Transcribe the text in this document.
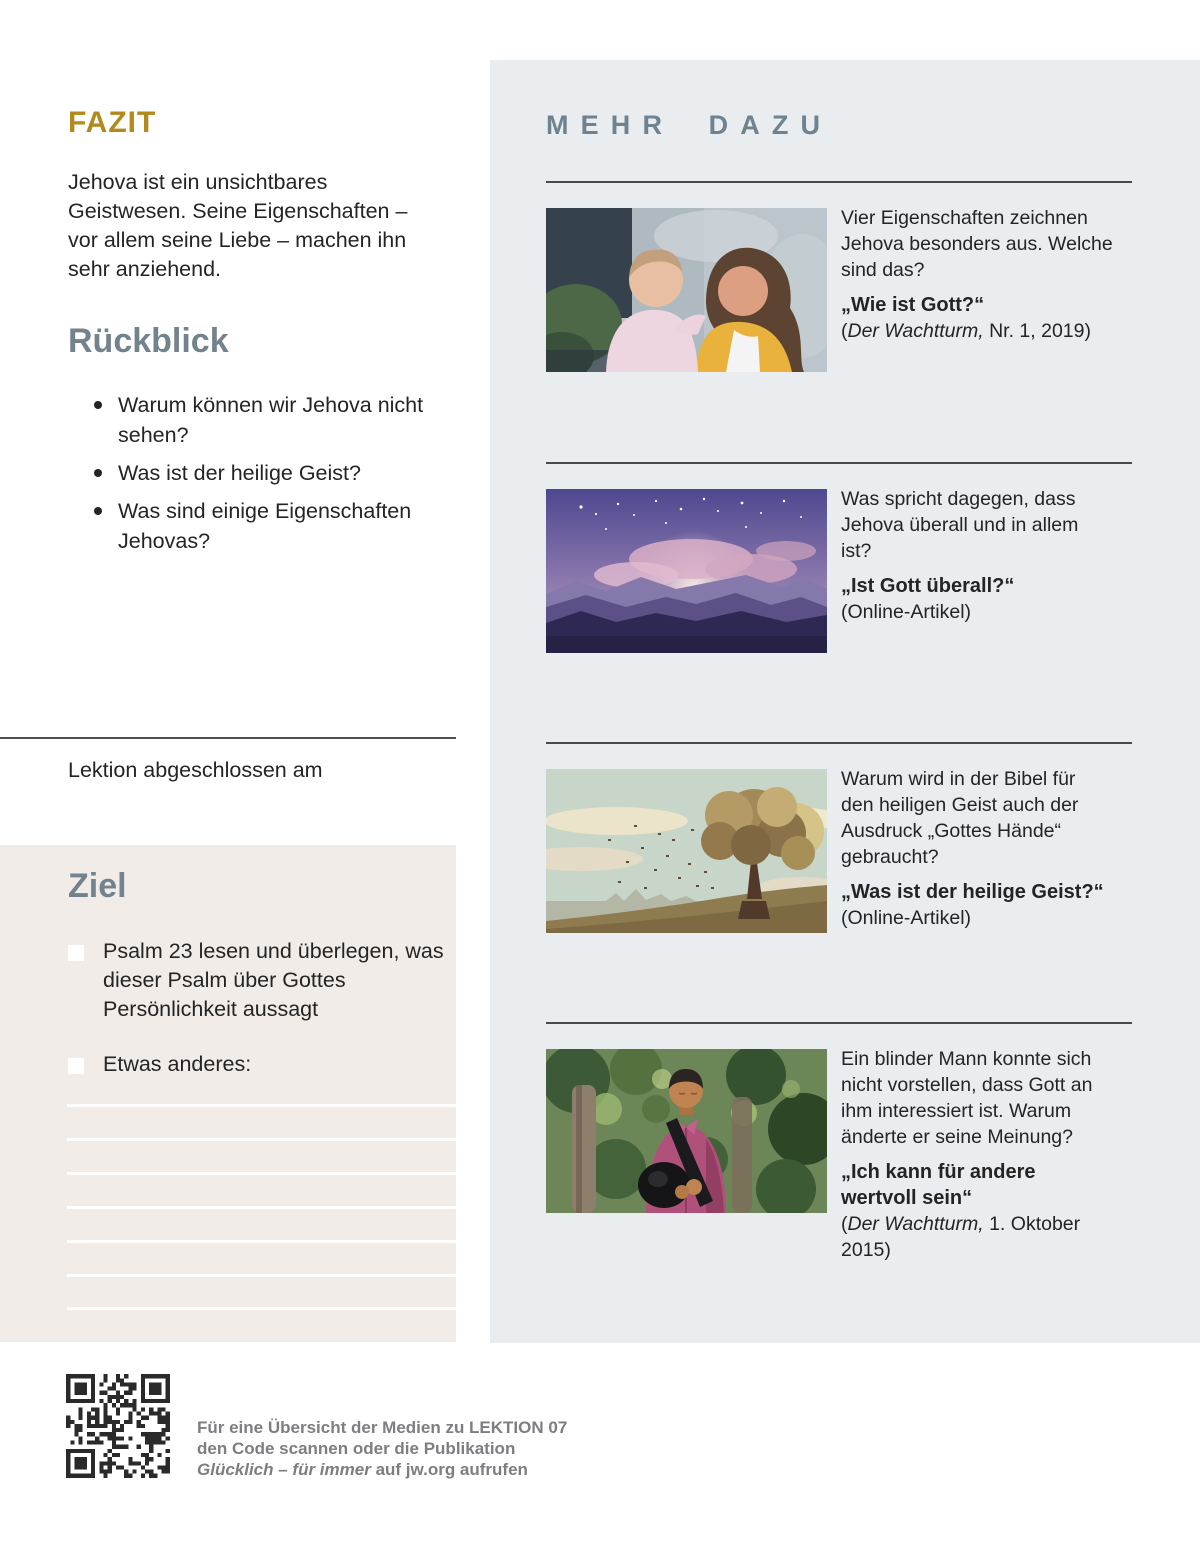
FAZIT
Jehova ist ein unsichtbares Geistwesen. Seine Eigenschaften – vor allem seine Liebe – machen ihn sehr anziehend.
Rückblick
Warum können wir Jehova nicht sehen?
Was ist der heilige Geist?
Was sind einige Eigenschaften Jehovas?
Lektion abgeschlossen am
Ziel
Psalm 23 lesen und überlegen, was dieser Psalm über Gottes Persönlichkeit aussagt
Etwas anderes:
MEHR DAZU
Vier Eigenschaften zeichnen Jehova besonders aus. Welche sind das?
„Wie ist Gott?“
(Der Wachtturm, Nr. 1, 2019)
Was spricht dagegen, dass Jehova überall und in allem ist?
„Ist Gott überall?“
(Online-Artikel)
Warum wird in der Bibel für den heiligen Geist auch der Ausdruck „Gottes Hände“ gebraucht?
„Was ist der heilige Geist?“
(Online-Artikel)
Ein blinder Mann konnte sich nicht vorstellen, dass Gott an ihm interessiert ist. Warum änderte er seine Meinung?
„Ich kann für andere wertvoll sein“
(Der Wachtturm, 1. Oktober 2015)
Für eine Übersicht der Medien zu LEKTION 07
den Code scannen oder die Publikation
Glücklich – für immer auf jw.org aufrufen
